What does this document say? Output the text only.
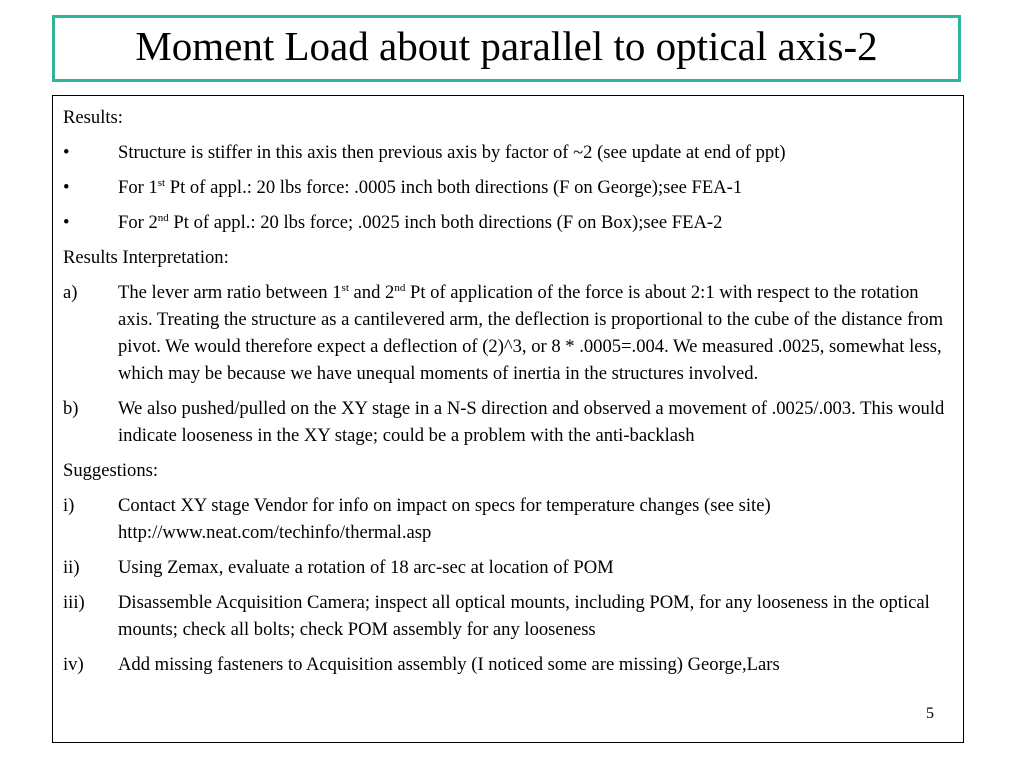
Moment Load about parallel to optical axis-2
Results:
•	Structure is stiffer in this axis then previous axis by factor of ~2 (see update at end of ppt)
•	For 1st Pt of appl.: 20 lbs force: .0005 inch both directions (F on George);see FEA-1
•	For 2nd Pt of appl.: 20 lbs force; .0025 inch both directions (F on Box);see FEA-2
Results Interpretation:
a)	The lever arm ratio between 1st and 2nd Pt of application of the force is about 2:1 with respect to the rotation axis. Treating the structure as a cantilevered arm, the deflection is proportional to the cube of the distance from pivot. We would therefore expect a deflection of (2)^3, or 8 * .0005=.004. We measured .0025, somewhat less, which may be because we have unequal moments of inertia in the structures involved.
b)	We also pushed/pulled on the XY stage in a N-S direction and observed a movement of .0025/.003. This would indicate looseness in the XY stage; could be a problem with the anti-backlash
Suggestions:
i)	Contact XY stage Vendor for info on impact on specs for temperature changes (see site) http://www.neat.com/techinfo/thermal.asp
ii)	Using Zemax, evaluate a rotation of 18 arc-sec at location of POM
iii)	Disassemble Acquisition Camera; inspect all optical mounts, including POM, for any looseness in the optical mounts; check all bolts; check POM assembly for any looseness
iv)	Add missing fasteners to Acquisition assembly (I noticed some are missing) George,Lars
5
